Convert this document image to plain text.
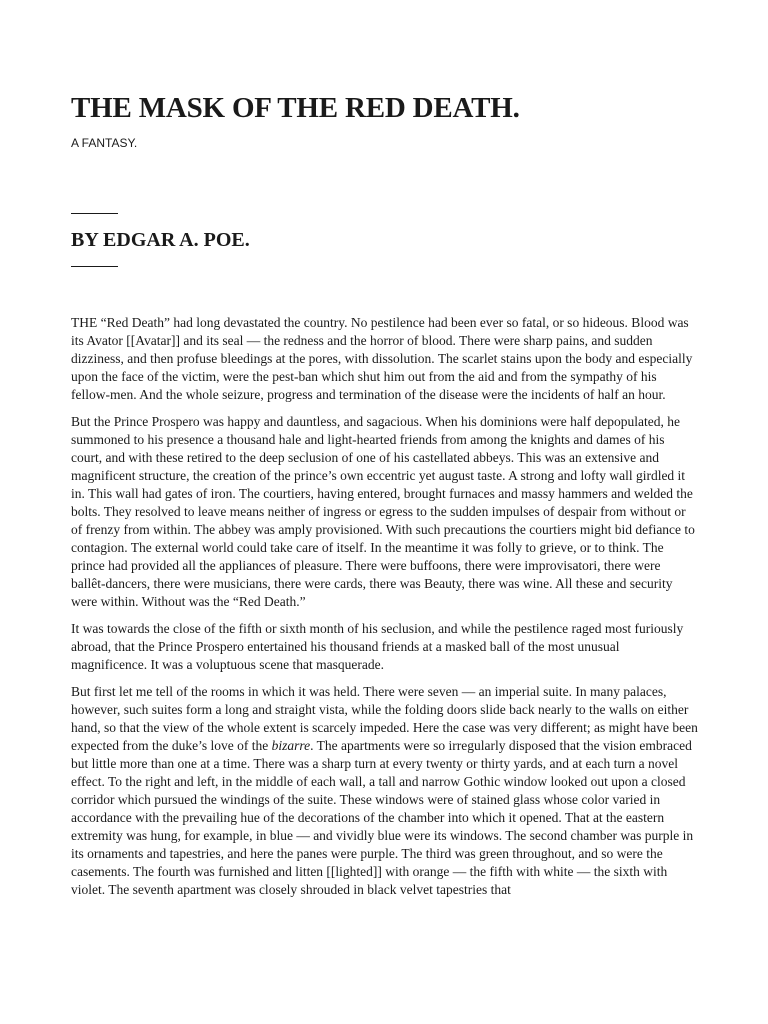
THE MASK OF THE RED DEATH.

A FANTASY.

BY EDGAR A. POE.

THE “Red Death” had long devastated the country. No pestilence had been ever so fatal, or so hideous. Blood was its Avator [[Avatar]] and its seal — the redness and the horror of blood. There were sharp pains, and sudden dizziness, and then profuse bleedings at the pores, with dissolution. The scarlet stains upon the body and especially upon the face of the victim, were the pest-ban which shut him out from the aid and from the sympathy of his fellow-men. And the whole seizure, progress and termination of the disease were the incidents of half an hour.

But the Prince Prospero was happy and dauntless, and sagacious. When his dominions were half depopulated, he summoned to his presence a thousand hale and light-hearted friends from among the knights and dames of his court, and with these retired to the deep seclusion of one of his castellated abbeys. This was an extensive and magnificent structure, the creation of the prince’s own eccentric yet august taste. A strong and lofty wall girdled it in. This wall had gates of iron. The courtiers, having entered, brought furnaces and massy hammers and welded the bolts. They resolved to leave means neither of ingress or egress to the sudden impulses of despair from without or of frenzy from within. The abbey was amply provisioned. With such precautions the courtiers might bid defiance to contagion. The external world could take care of itself. In the meantime it was folly to grieve, or to think. The prince had provided all the appliances of pleasure. There were buffoons, there were improvisatori, there were ballêt-dancers, there were musicians, there were cards, there was Beauty, there was wine. All these and security were within. Without was the “Red Death.”

It was towards the close of the fifth or sixth month of his seclusion, and while the pestilence raged most furiously abroad, that the Prince Prospero entertained his thousand friends at a masked ball of the most unusual magnificence. It was a voluptuous scene that masquerade.

But first let me tell of the rooms in which it was held. There were seven — an imperial suite. In many palaces, however, such suites form a long and straight vista, while the folding doors slide back nearly to the walls on either hand, so that the view of the whole extent is scarcely impeded. Here the case was very different; as might have been expected from the duke’s love of the bizarre. The apartments were so irregularly disposed that the vision embraced but little more than one at a time. There was a sharp turn at every twenty or thirty yards, and at each turn a novel effect. To the right and left, in the middle of each wall, a tall and narrow Gothic window looked out upon a closed corridor which pursued the windings of the suite. These windows were of stained glass whose color varied in accordance with the prevailing hue of the decorations of the chamber into which it opened. That at the eastern extremity was hung, for example, in blue — and vividly blue were its windows. The second chamber was purple in its ornaments and tapestries, and here the panes were purple. The third was green throughout, and so were the casements. The fourth was furnished and litten [[lighted]] with orange — the fifth with white — the sixth with violet. The seventh apartment was closely shrouded in black velvet tapestries that
